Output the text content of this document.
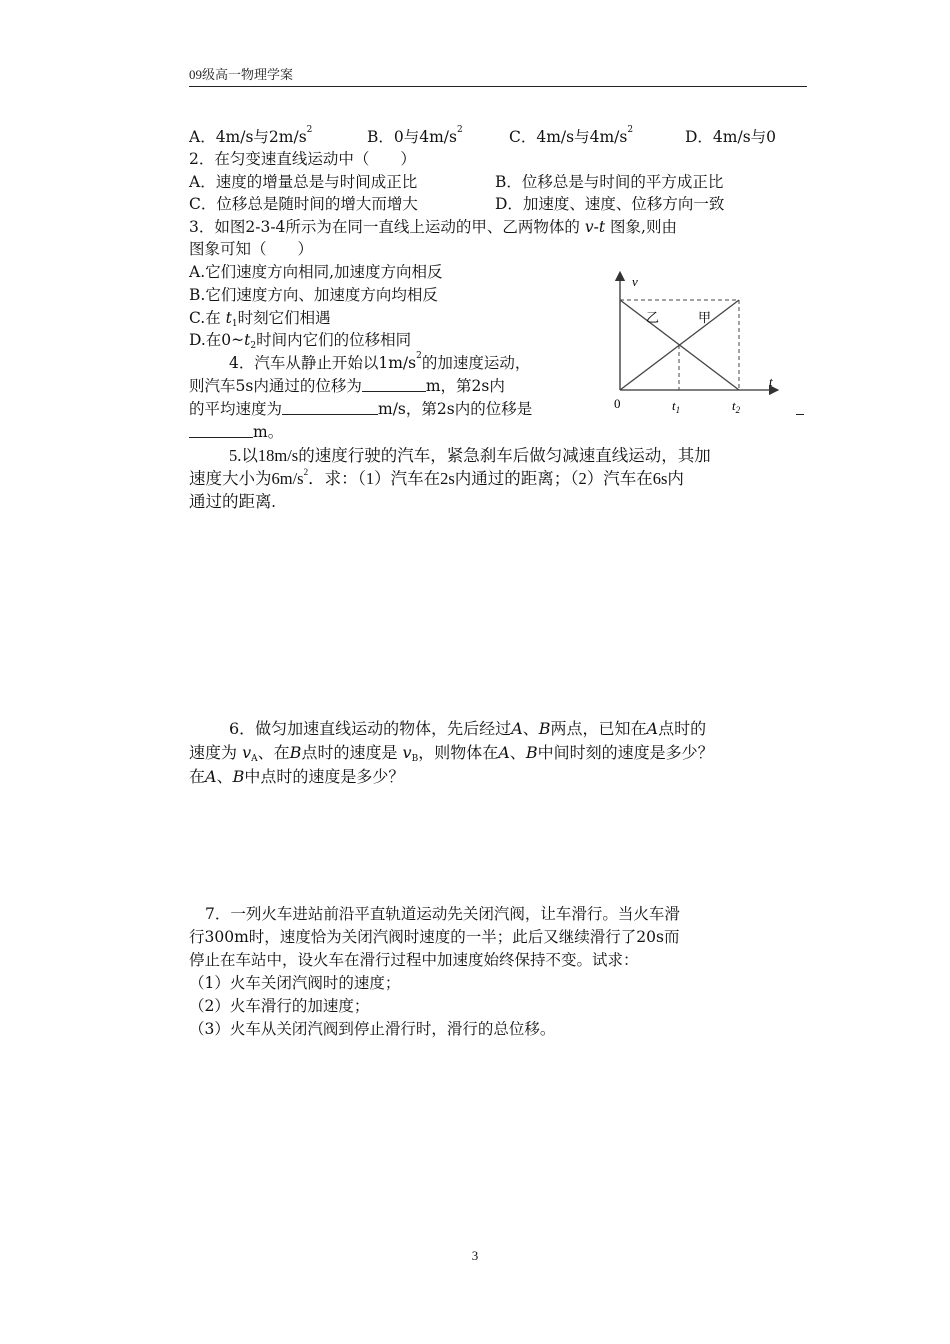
09级高一物理学案
A．4m/s与$2m/s^2$	B．0与$4m/s^2$	C．4m/s与$4m/s^2$	D．4m/s与0
2．在匀变速直线运动中（　　）
A．速度的增量总是与时间成正比	B．位移总是与时间的平方成正比
C．位移总是随时间的增大而增大	D．加速度、速度、位移方向一致
3．如图2-3-4所示为在同一直线上运动的甲、乙两物体的 v-t 图象,则由
图象可知（　　）
A.它们速度方向相同,加速度方向相反
B.它们速度方向、加速度方向均相反
C.在 $t_1$时刻它们相遇
D.在$0\sim t_2$时间内它们的位移相同
v
t
0	$t_1$	$t_2$
乙	甲
4．汽车从静止开始以$1m/s^2$的加速度运动，
则汽车5s内通过的位移为	m，第2s内
的平均速度为	m/s，第2s内的位移是
m。
5.以18m/s的速度行驶的汽车，紧急刹车后做匀减速直线运动，其加
速度大小为$6m/s^2$．求：（1）汽车在2s内通过的距离；（2）汽车在6s内
通过的距离.
6．做匀加速直线运动的物体，先后经过A、B两点，已知在A点时的
速度为 $v_A$、在B点时的速度是 $v_B$，则物体在A、B中间时刻的速度是多少？
在A、B中点时的速度是多少？
7．一列火车进站前沿平直轨道运动先关闭汽阀，让车滑行。当火车滑
行300m时，速度恰为关闭汽阀时速度的一半；此后又继续滑行了20s而
停止在车站中，设火车在滑行过程中加速度始终保持不变。试求：
（1）火车关闭汽阀时的速度；
（2）火车滑行的加速度；
（3）火车从关闭汽阀到停止滑行时，滑行的总位移。
3
